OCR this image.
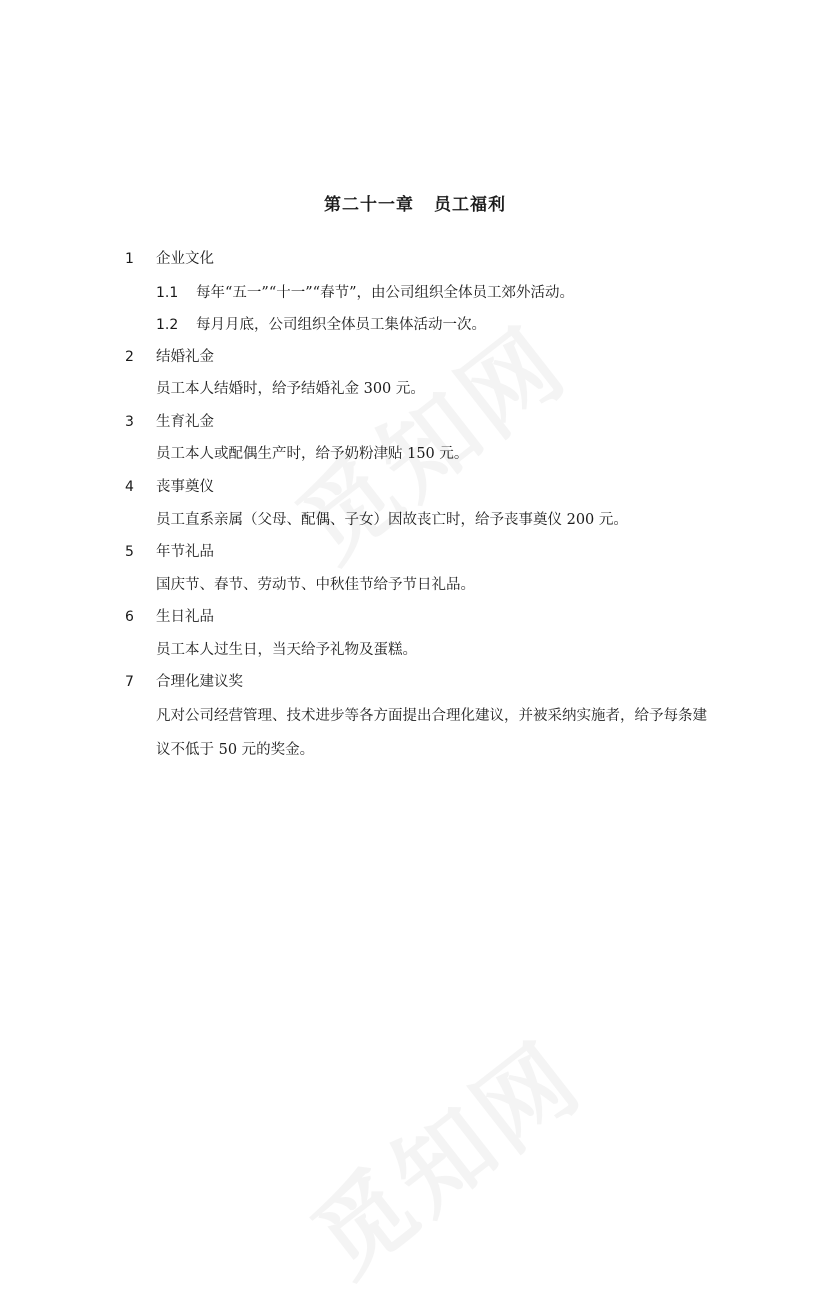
第二十一章 员工福利
1 企业文化
1.1 每年“五一”“十一”“春节”，由公司组织全体员工郊外活动。
1.2 每月月底，公司组织全体员工集体活动一次。
2 结婚礼金
员工本人结婚时，给予结婚礼金 300 元。
3 生育礼金
员工本人或配偶生产时，给予奶粉津贴 150 元。
4 丧事奠仪
员工直系亲属（父母、配偶、子女）因故丧亡时，给予丧事奠仪 200 元。
5 年节礼品
国庆节、春节、劳动节、中秋佳节给予节日礼品。
6 生日礼品
员工本人过生日，当天给予礼物及蛋糕。
7 合理化建议奖
凡对公司经营管理、技术进步等各方面提出合理化建议，并被采纳实施者，给予每条建
议不低于 50 元的奖金。
